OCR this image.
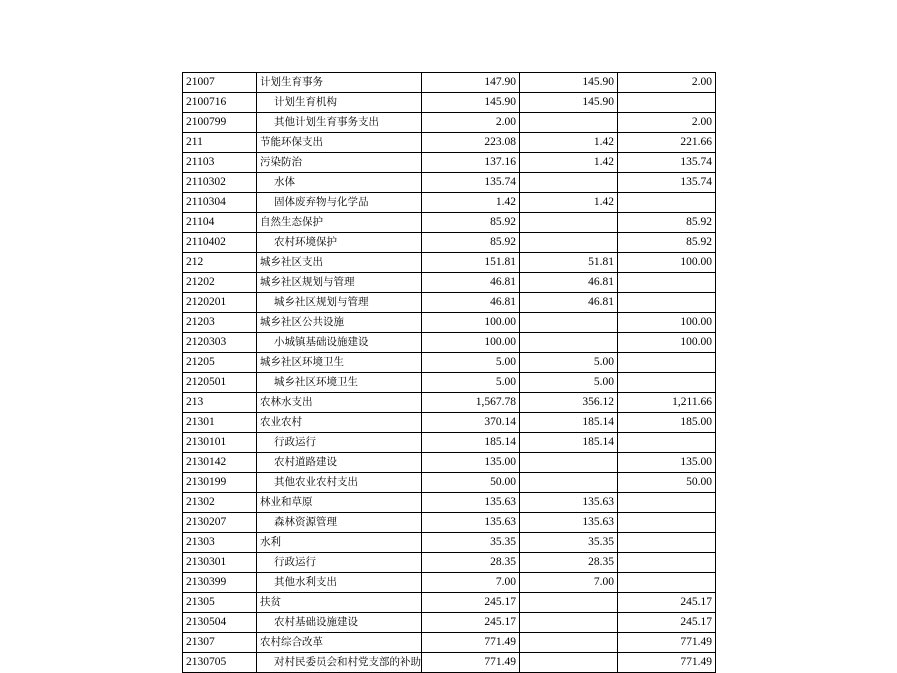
21007	计划生育事务	147.90	145.90	2.00
2100716	计划生育机构	145.90	145.90	
2100799	其他计划生育事务支出	2.00		2.00
211	节能环保支出	223.08	1.42	221.66
21103	污染防治	137.16	1.42	135.74
2110302	水体	135.74		135.74
2110304	固体废弃物与化学品	1.42	1.42	
21104	自然生态保护	85.92		85.92
2110402	农村环境保护	85.92		85.92
212	城乡社区支出	151.81	51.81	100.00
21202	城乡社区规划与管理	46.81	46.81	
2120201	城乡社区规划与管理	46.81	46.81	
21203	城乡社区公共设施	100.00		100.00
2120303	小城镇基础设施建设	100.00		100.00
21205	城乡社区环境卫生	5.00	5.00	
2120501	城乡社区环境卫生	5.00	5.00	
213	农林水支出	1,567.78	356.12	1,211.66
21301	农业农村	370.14	185.14	185.00
2130101	行政运行	185.14	185.14	
2130142	农村道路建设	135.00		135.00
2130199	其他农业农村支出	50.00		50.00
21302	林业和草原	135.63	135.63	
2130207	森林资源管理	135.63	135.63	
21303	水利	35.35	35.35	
2130301	行政运行	28.35	28.35	
2130399	其他水利支出	7.00	7.00	
21305	扶贫	245.17		245.17
2130504	农村基础设施建设	245.17		245.17
21307	农村综合改革	771.49		771.49
2130705	对村民委员会和村党支部的补助	771.49		771.49
